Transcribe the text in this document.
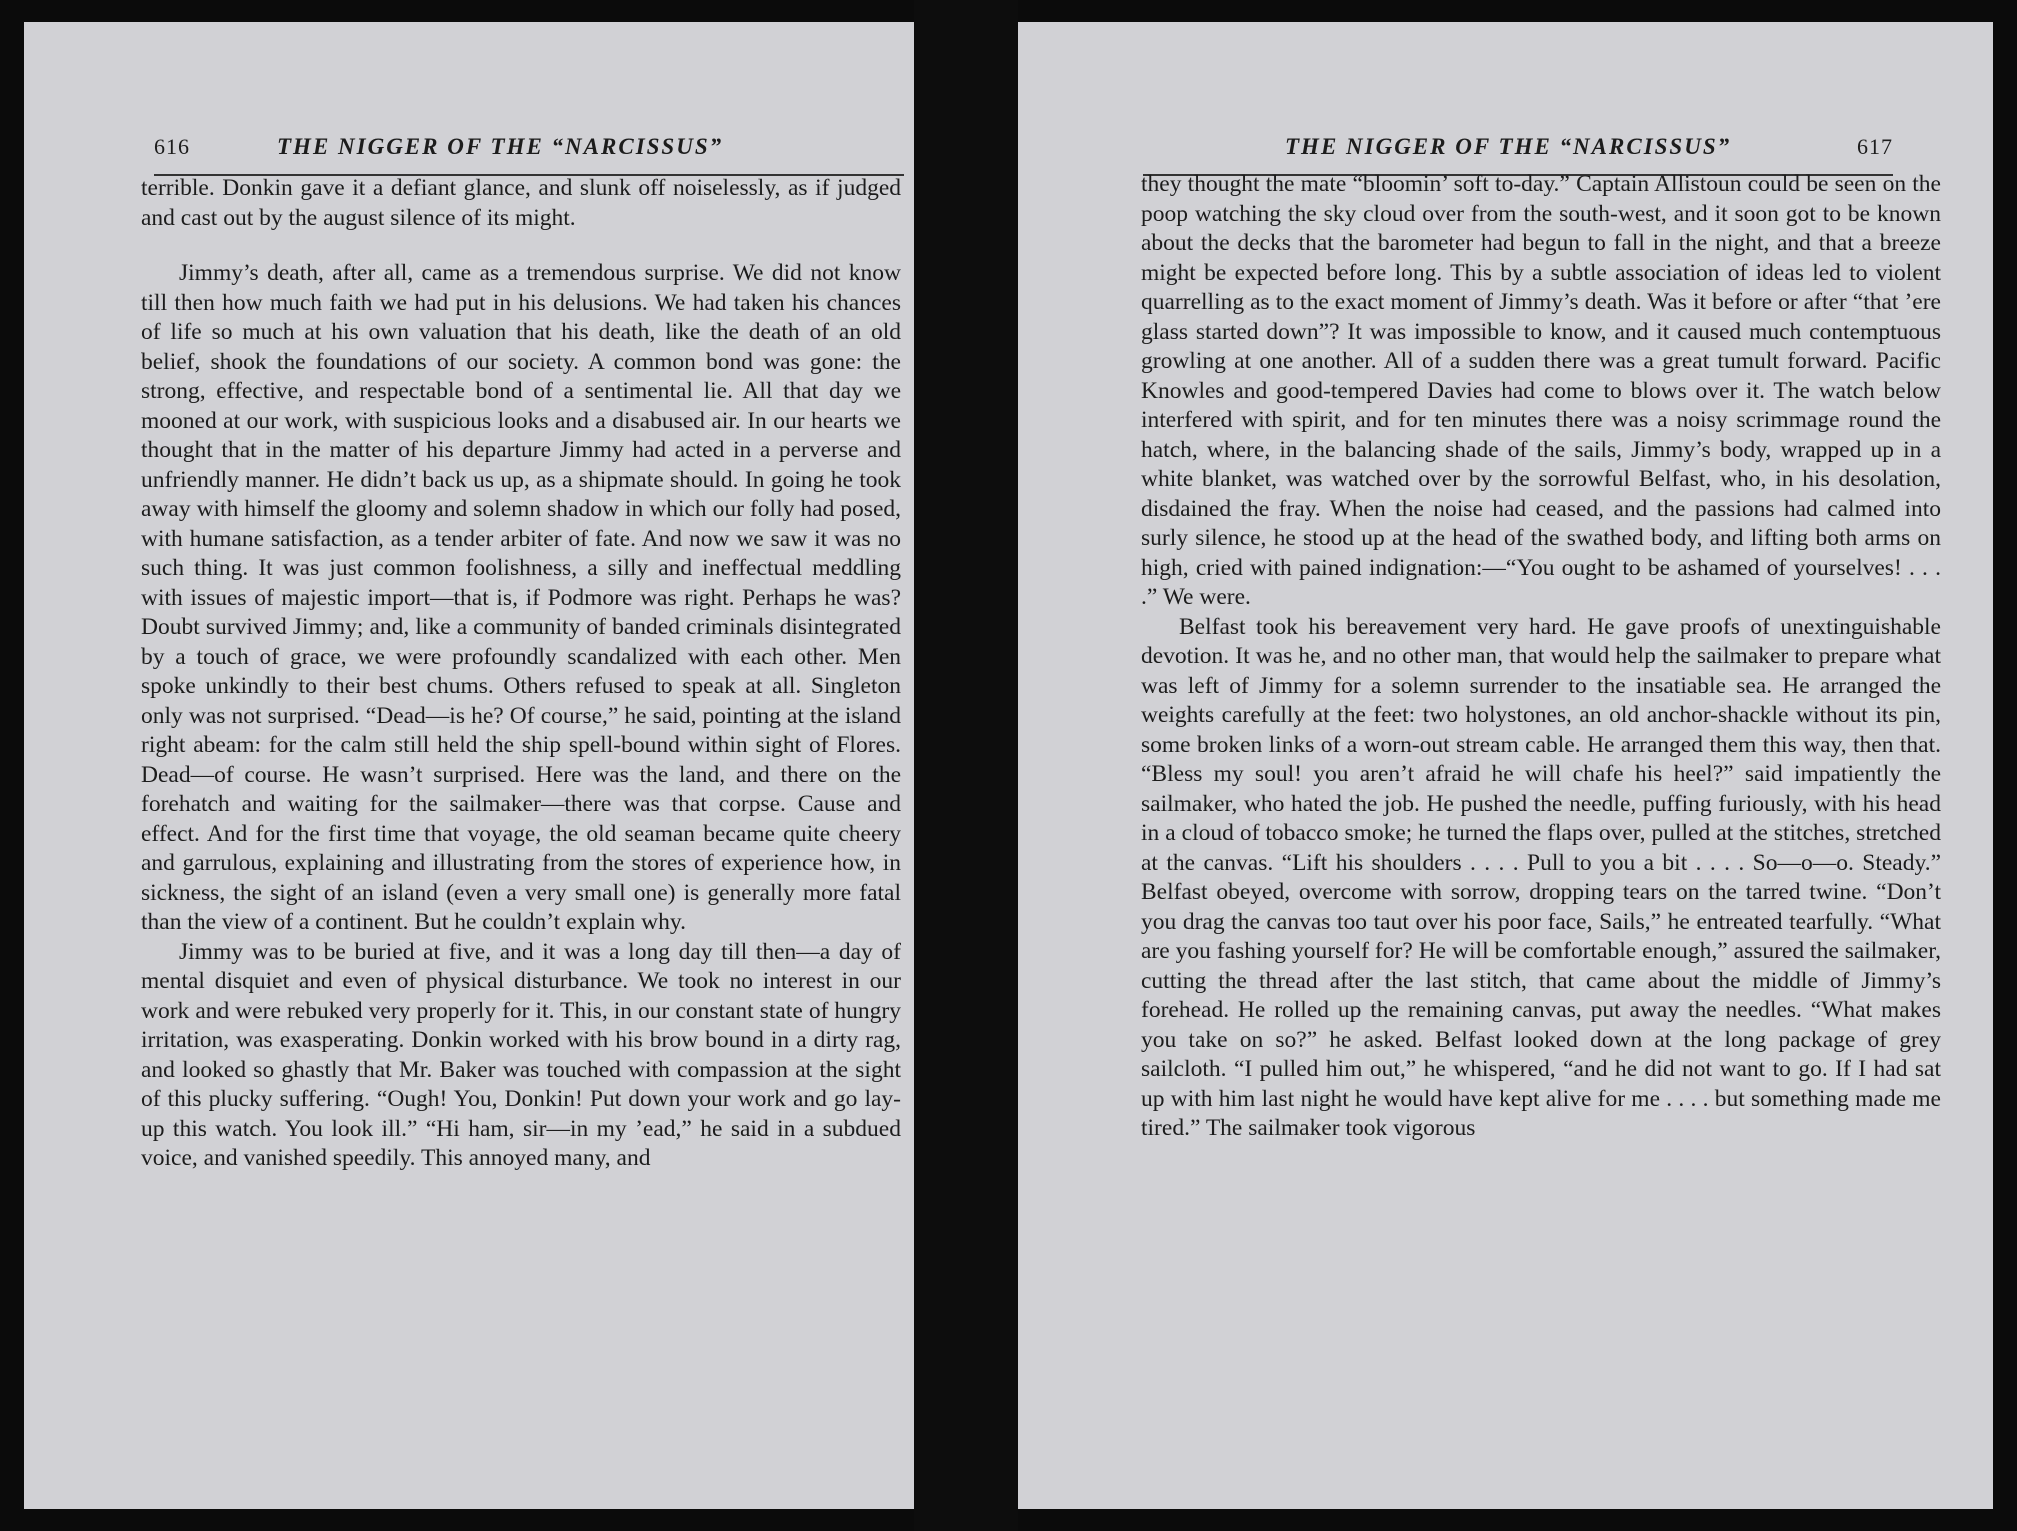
616	THE NIGGER OF THE “NARCISSUS”

terrible. Donkin gave it a defiant glance, and slunk off noiselessly, as if judged and cast out by the august silence of its might.

Jimmy’s death, after all, came as a tremendous surprise. We did not know till then how much faith we had put in his delusions. We had taken his chances of life so much at his own valuation that his death, like the death of an old belief, shook the foundations of our society. A common bond was gone: the strong, effective, and respectable bond of a sentimental lie. All that day we mooned at our work, with suspicious looks and a disabused air. In our hearts we thought that in the matter of his departure Jimmy had acted in a perverse and unfriendly manner. He didn’t back us up, as a shipmate should. In going he took away with himself the gloomy and solemn shadow in which our folly had posed, with humane satisfaction, as a tender arbiter of fate. And now we saw it was no such thing. It was just common foolishness, a silly and ineffectual meddling with issues of majestic import—that is, if Podmore was right. Perhaps he was? Doubt survived Jimmy; and, like a community of banded criminals disintegrated by a touch of grace, we were profoundly scandalized with each other. Men spoke unkindly to their best chums. Others refused to speak at all. Singleton only was not surprised. “Dead—is he? Of course,” he said, pointing at the island right abeam: for the calm still held the ship spell-bound within sight of Flores. Dead—of course. He wasn’t surprised. Here was the land, and there on the forehatch and waiting for the sailmaker—there was that corpse. Cause and effect. And for the first time that voyage, the old seaman became quite cheery and garrulous, explaining and illustrating from the stores of experience how, in sickness, the sight of an island (even a very small one) is generally more fatal than the view of a continent. But he couldn’t explain why.

Jimmy was to be buried at five, and it was a long day till then—a day of mental disquiet and even of physical disturbance. We took no interest in our work and were rebuked very properly for it. This, in our constant state of hungry irritation, was exasperating. Donkin worked with his brow bound in a dirty rag, and looked so ghastly that Mr. Baker was touched with compassion at the sight of this plucky suffering. “Ough! You, Donkin! Put down your work and go lay-up this watch. You look ill.” “Hi ham, sir—in my ’ead,” he said in a subdued voice, and vanished speedily. This annoyed many, and

THE NIGGER OF THE “NARCISSUS”	617

they thought the mate “bloomin’ soft to-day.” Captain Allistoun could be seen on the poop watching the sky cloud over from the south-west, and it soon got to be known about the decks that the barometer had begun to fall in the night, and that a breeze might be expected before long. This by a subtle association of ideas led to violent quarrelling as to the exact moment of Jimmy’s death. Was it before or after “that ’ere glass started down”? It was impossible to know, and it caused much contemptuous growling at one another. All of a sudden there was a great tumult forward. Pacific Knowles and good-tempered Davies had come to blows over it. The watch below interfered with spirit, and for ten minutes there was a noisy scrimmage round the hatch, where, in the balancing shade of the sails, Jimmy’s body, wrapped up in a white blanket, was watched over by the sorrowful Belfast, who, in his desolation, disdained the fray. When the noise had ceased, and the passions had calmed into surly silence, he stood up at the head of the swathed body, and lifting both arms on high, cried with pained indignation:—“You ought to be ashamed of yourselves! . . . .” We were.

Belfast took his bereavement very hard. He gave proofs of unextinguishable devotion. It was he, and no other man, that would help the sailmaker to prepare what was left of Jimmy for a solemn surrender to the insatiable sea. He arranged the weights carefully at the feet: two holystones, an old anchor-shackle without its pin, some broken links of a worn-out stream cable. He arranged them this way, then that. “Bless my soul! you aren’t afraid he will chafe his heel?” said impatiently the sailmaker, who hated the job. He pushed the needle, puffing furiously, with his head in a cloud of tobacco smoke; he turned the flaps over, pulled at the stitches, stretched at the canvas. “Lift his shoulders . . . . Pull to you a bit . . . . So—o—o. Steady.” Belfast obeyed, overcome with sorrow, dropping tears on the tarred twine. “Don’t you drag the canvas too taut over his poor face, Sails,” he entreated tearfully. “What are you fashing yourself for? He will be comfortable enough,” assured the sailmaker, cutting the thread after the last stitch, that came about the middle of Jimmy’s forehead. He rolled up the remaining canvas, put away the needles. “What makes you take on so?” he asked. Belfast looked down at the long package of grey sailcloth. “I pulled him out,” he whispered, “and he did not want to go. If I had sat up with him last night he would have kept alive for me . . . . but something made me tired.” The sailmaker took vigorous
